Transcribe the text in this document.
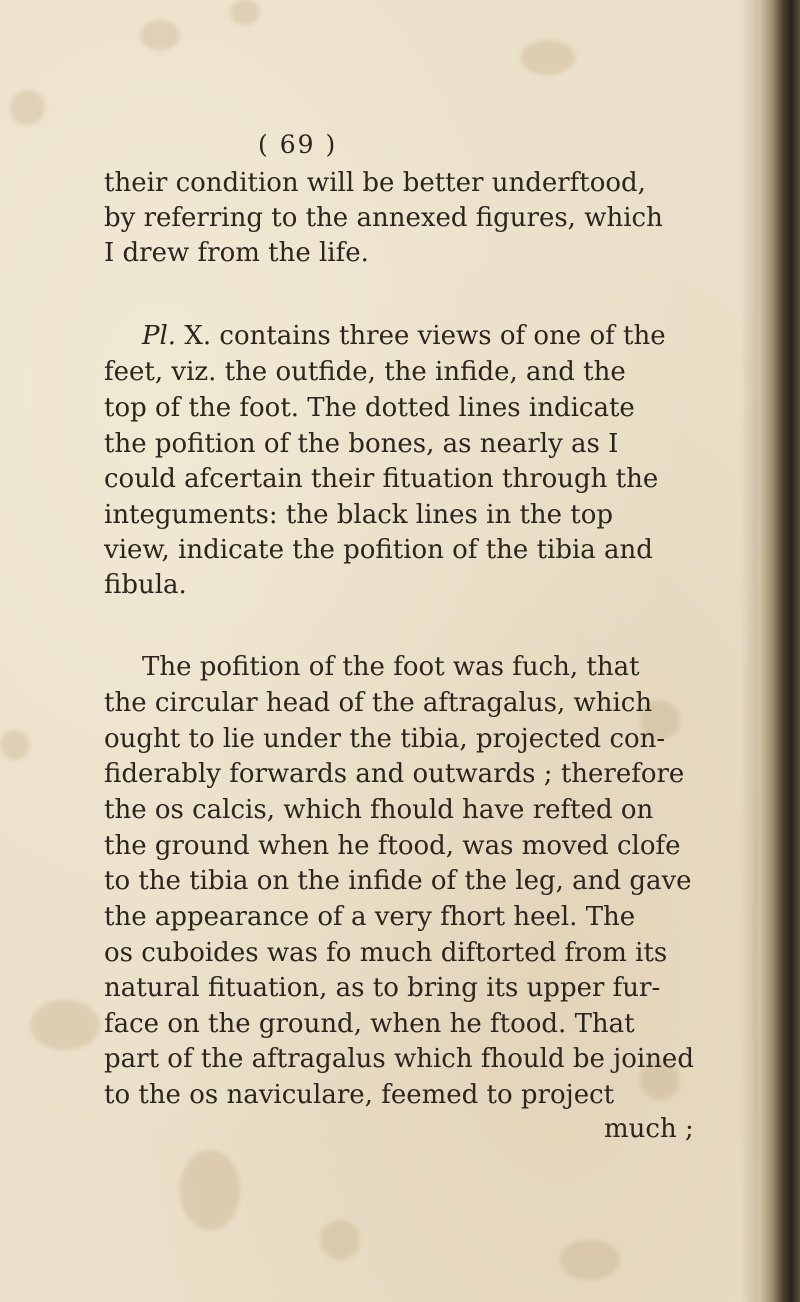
( 69 )
their condition will be better underftood,
by referring to the annexed figures, which
I drew from the life.
Pl. X. contains three views of one of the
feet, viz. the outfide, the infide, and the
top of the foot. The dotted lines indicate
the pofition of the bones, as nearly as I
could afcertain their fituation through the
integuments: the black lines in the top
view, indicate the pofition of the tibia and
fibula.
The pofition of the foot was fuch, that
the circular head of the aftragalus, which
ought to lie under the tibia, projected con-
fiderably forwards and outwards ; therefore
the os calcis, which fhould have refted on
the ground when he ftood, was moved clofe
to the tibia on the infide of the leg, and gave
the appearance of a very fhort heel. The
os cuboides was fo much diftorted from its
natural fituation, as to bring its upper fur-
face on the ground, when he ftood. That
part of the aftragalus which fhould be joined
to the os naviculare, feemed to project
much ;
